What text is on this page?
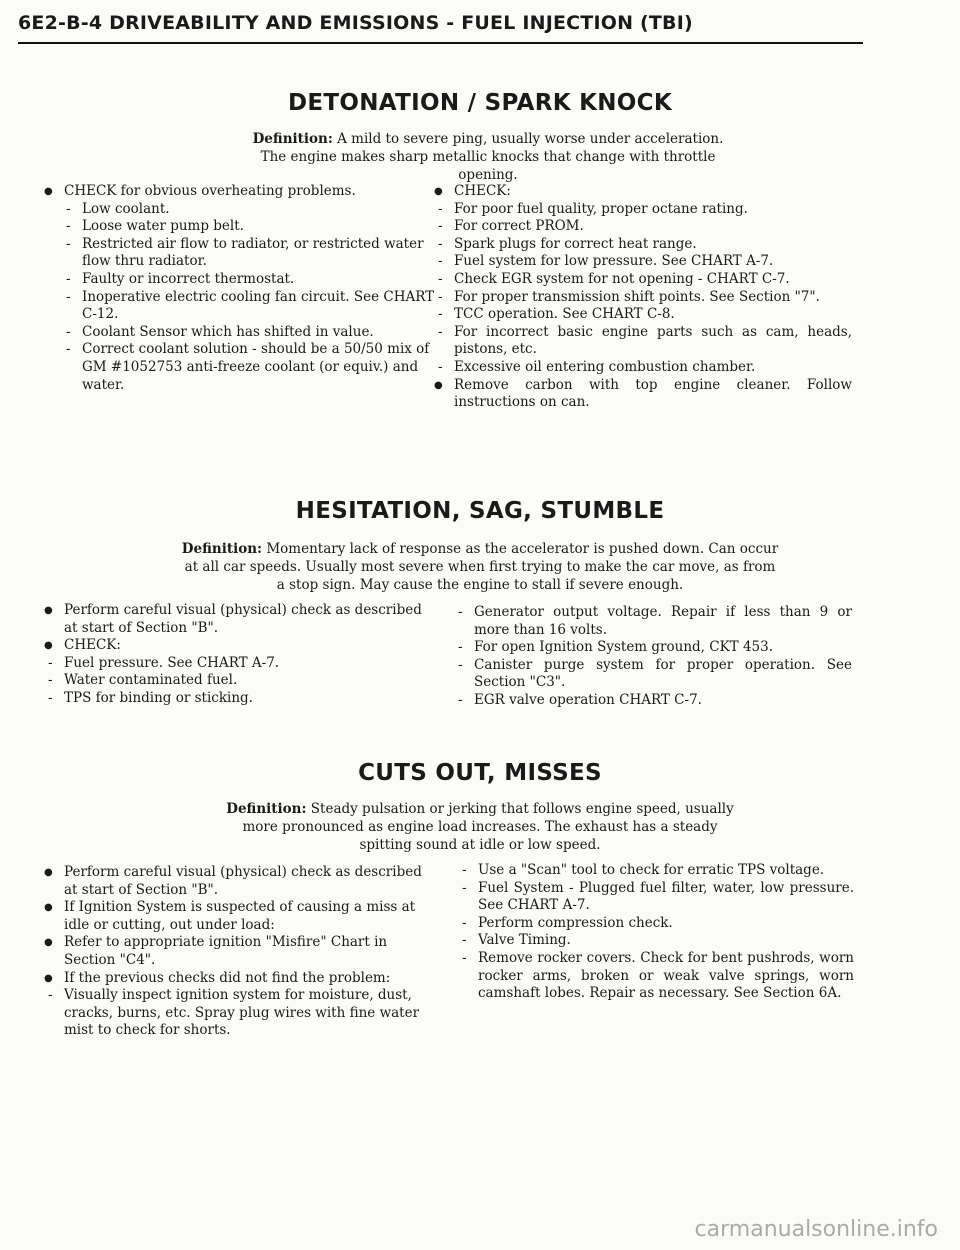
6E2-B-4 DRIVEABILITY AND EMISSIONS - FUEL INJECTION (TBI)
DETONATION / SPARK KNOCK
Definition: A mild to severe ping, usually worse under acceleration. The engine makes sharp metallic knocks that change with throttle opening.
● CHECK for obvious overheating problems.
- Low coolant.
- Loose water pump belt.
- Restricted air flow to radiator, or restricted water flow thru radiator.
- Faulty or incorrect thermostat.
- Inoperative electric cooling fan circuit. See CHART C-12.
- Coolant Sensor which has shifted in value.
- Correct coolant solution - should be a 50/50 mix of GM #1052753 anti-freeze coolant (or equiv.) and water.
● CHECK:
- For poor fuel quality, proper octane rating.
- For correct PROM.
- Spark plugs for correct heat range.
- Fuel system for low pressure. See CHART A-7.
- Check EGR system for not opening - CHART C-7.
- For proper transmission shift points. See Section "7".
- TCC operation. See CHART C-8.
- For incorrect basic engine parts such as cam, heads, pistons, etc.
- Excessive oil entering combustion chamber.
● Remove carbon with top engine cleaner. Follow instructions on can.
HESITATION, SAG, STUMBLE
Definition: Momentary lack of response as the accelerator is pushed down. Can occur at all car speeds. Usually most severe when first trying to make the car move, as from a stop sign. May cause the engine to stall if severe enough.
● Perform careful visual (physical) check as described at start of Section "B".
● CHECK:
- Fuel pressure. See CHART A-7.
- Water contaminated fuel.
- TPS for binding or sticking.
- Generator output voltage. Repair if less than 9 or more than 16 volts.
- For open Ignition System ground, CKT 453.
- Canister purge system for proper operation. See Section "C3".
- EGR valve operation CHART C-7.
CUTS OUT, MISSES
Definition: Steady pulsation or jerking that follows engine speed, usually more pronounced as engine load increases. The exhaust has a steady spitting sound at idle or low speed.
● Perform careful visual (physical) check as described at start of Section "B".
● If Ignition System is suspected of causing a miss at idle or cutting, out under load:
● Refer to appropriate ignition "Misfire" Chart in Section "C4".
● If the previous checks did not find the problem:
- Visually inspect ignition system for moisture, dust, cracks, burns, etc. Spray plug wires with fine water mist to check for shorts.
- Use a "Scan" tool to check for erratic TPS voltage.
- Fuel System - Plugged fuel filter, water, low pressure. See CHART A-7.
- Perform compression check.
- Valve Timing.
- Remove rocker covers. Check for bent pushrods, worn rocker arms, broken or weak valve springs, worn camshaft lobes. Repair as necessary. See Section 6A.
carmanualsonline.info
